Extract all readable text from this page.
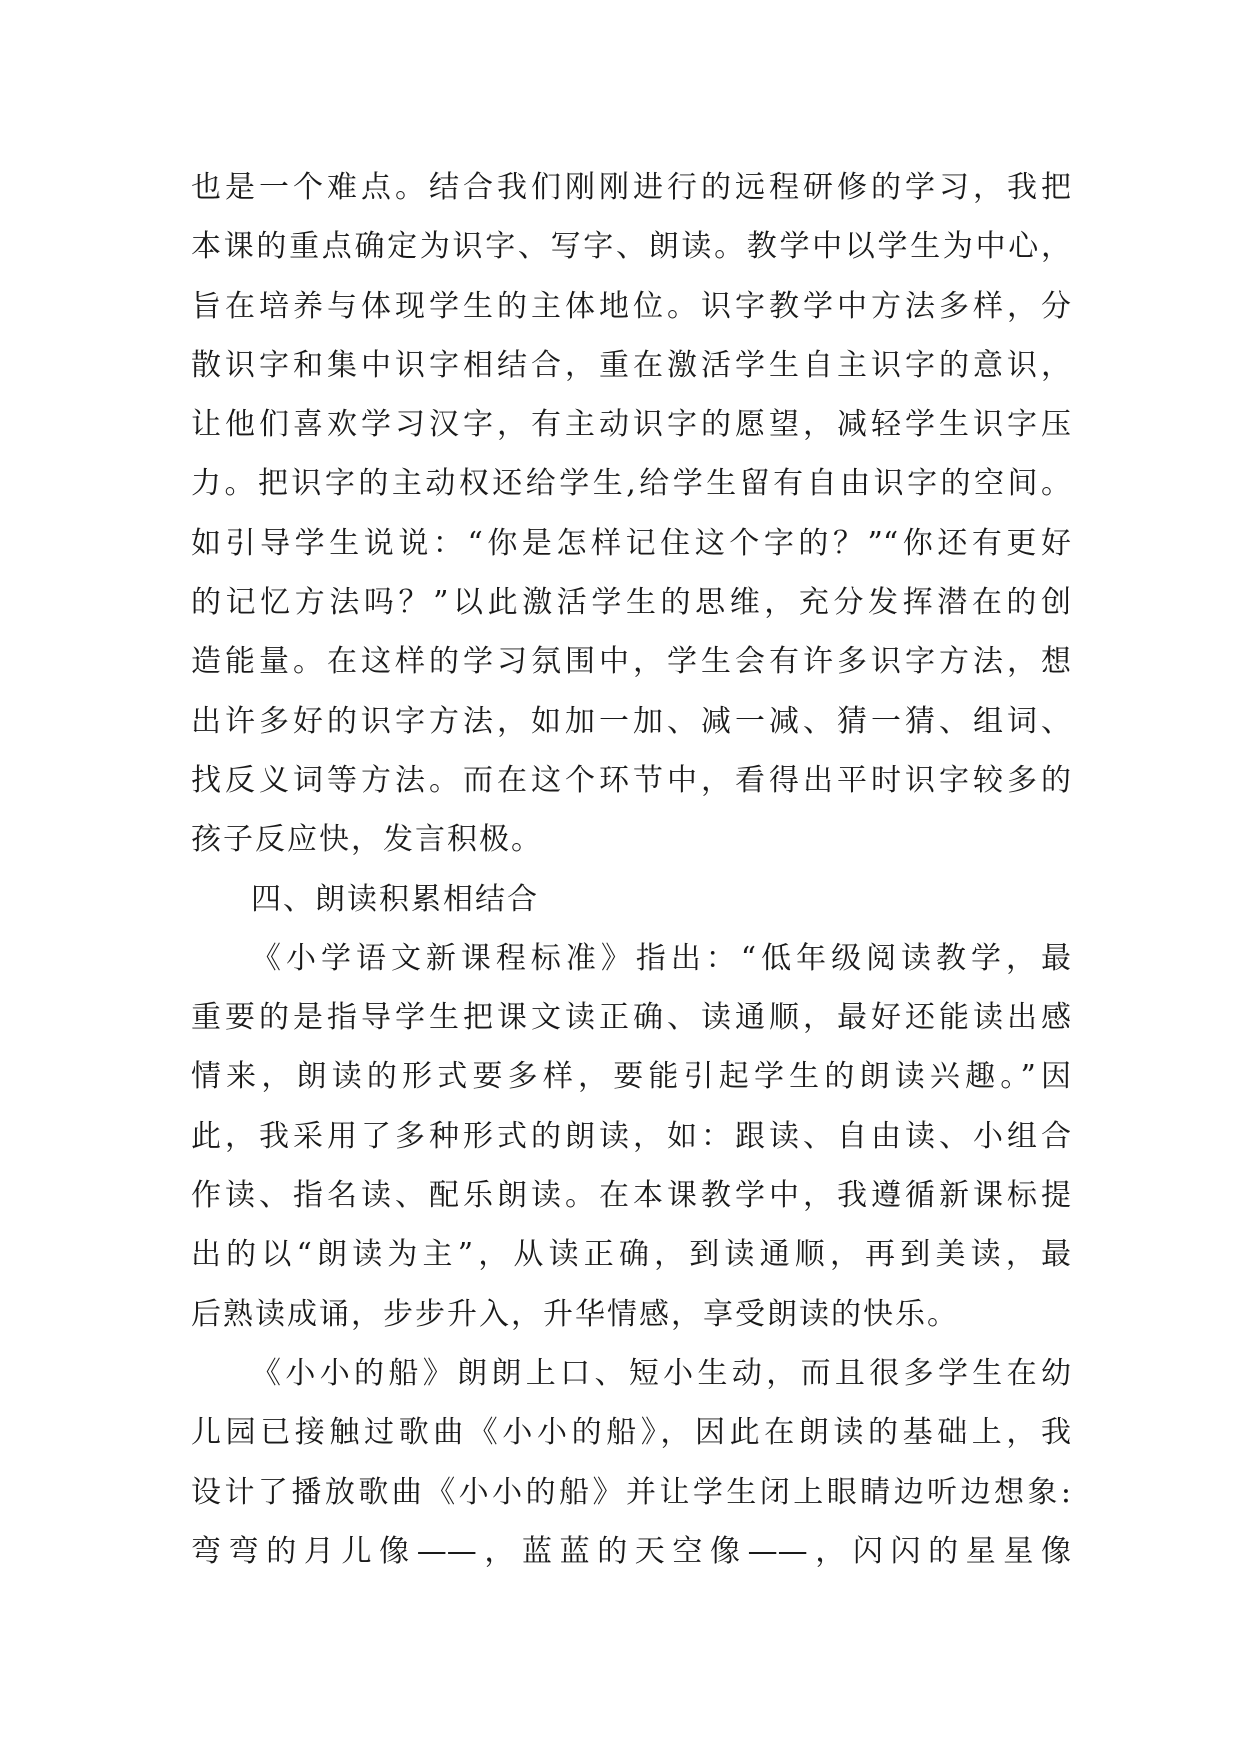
也是一个难点。结合我们刚刚进行的远程研修的学习，我把
本课的重点确定为识字、写字、朗读。教学中以学生为中心，
旨在培养与体现学生的主体地位。识字教学中方法多样，分
散识字和集中识字相结合，重在激活学生自主识字的意识，
让他们喜欢学习汉字，有主动识字的愿望，减轻学生识字压
力。把识字的主动权还给学生,给学生留有自由识字的空间。
如引导学生说说：“你是怎样记住这个字的？”“你还有更好
的记忆方法吗？”以此激活学生的思维，充分发挥潜在的创
造能量。在这样的学习氛围中，学生会有许多识字方法，想
出许多好的识字方法，如加一加、减一减、猜一猜、组词、
找反义词等方法。而在这个环节中，看得出平时识字较多的
孩子反应快，发言积极。
四、朗读积累相结合
《小学语文新课程标准》指出：“低年级阅读教学，最
重要的是指导学生把课文读正确、读通顺，最好还能读出感
情来，朗读的形式要多样，要能引起学生的朗读兴趣。”因
此，我采用了多种形式的朗读，如：跟读、自由读、小组合
作读、指名读、配乐朗读。在本课教学中，我遵循新课标提
出的以“朗读为主”，从读正确，到读通顺，再到美读，最
后熟读成诵，步步升入，升华情感，享受朗读的快乐。
《小小的船》朗朗上口、短小生动，而且很多学生在幼
儿园已接触过歌曲《小小的船》，因此在朗读的基础上，我
设计了播放歌曲《小小的船》并让学生闭上眼睛边听边想象:
弯弯的月儿像——，蓝蓝的天空像——，闪闪的星星像
